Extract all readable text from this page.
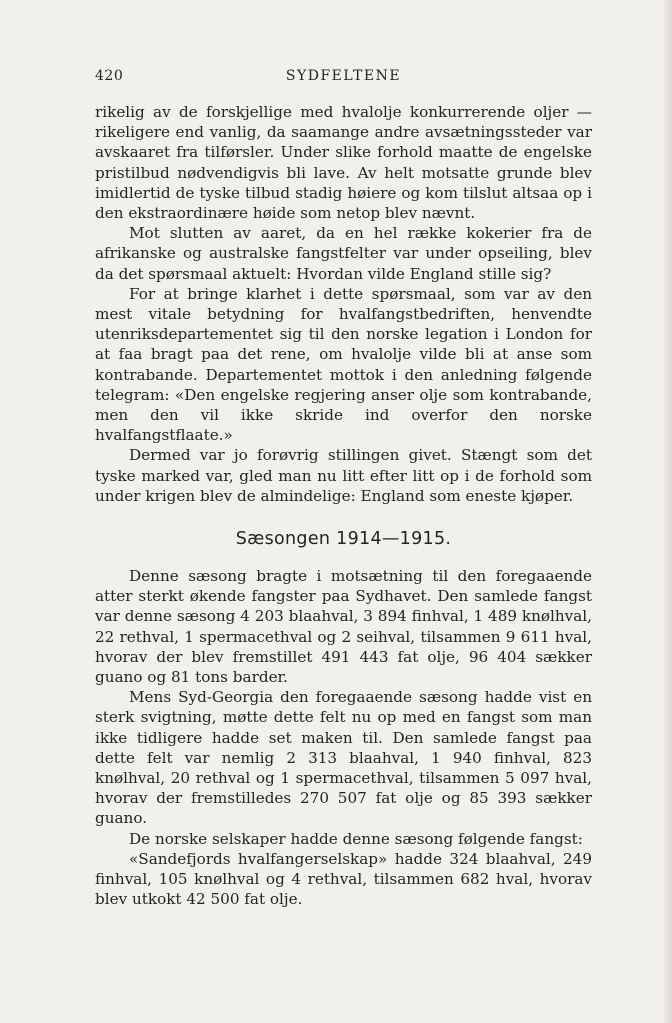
420	SYDFELTENE

rikelig av de forskjellige med hvalolje konkurrerende oljer — rikeligere end vanlig, da saamange andre avsætningssteder var avskaaret fra tilførsler. Under slike forhold maatte de engelske pristilbud nødvendigvis bli lave. Av helt motsatte grunde blev imidlertid de tyske tilbud stadig høiere og kom tilslut altsaa op i den ekstraordinære høide som netop blev nævnt.

Mot slutten av aaret, da en hel række kokerier fra de afrikanske og australske fangstfelter var under opseiling, blev da det spørsmaal aktuelt: Hvordan vilde England stille sig?

For at bringe klarhet i dette spørsmaal, som var av den mest vitale betydning for hvalfangstbedriften, henvendte utenriksdepartementet sig til den norske legation i London for at faa bragt paa det rene, om hvalolje vilde bli at anse som kontrabande. Departementet mottok i den anledning følgende telegram: «Den engelske regjering anser olje som kontrabande, men den vil ikke skride ind overfor den norske hvalfangstflaate.»

Dermed var jo forøvrig stillingen givet. Stængt som det tyske marked var, gled man nu litt efter litt op i de forhold som under krigen blev de almindelige: England som eneste kjøper.

Sæsongen 1914—1915.

Denne sæsong bragte i motsætning til den foregaaende atter sterkt økende fangster paa Sydhavet. Den samlede fangst var denne sæsong 4 203 blaahval, 3 894 finhval, 1 489 knølhval, 22 rethval, 1 spermacethval og 2 seihval, tilsammen 9 611 hval, hvorav der blev fremstillet 491 443 fat olje, 96 404 sækker guano og 81 tons barder.

Mens Syd-Georgia den foregaaende sæsong hadde vist en sterk svigtning, møtte dette felt nu op med en fangst som man ikke tidligere hadde set maken til. Den samlede fangst paa dette felt var nemlig 2 313 blaahval, 1 940 finhval, 823 knølhval, 20 rethval og 1 spermacethval, tilsammen 5 097 hval, hvorav der fremstilledes 270 507 fat olje og 85 393 sækker guano.

De norske selskaper hadde denne sæsong følgende fangst:

«Sandefjords hvalfangerselskap» hadde 324 blaahval, 249 finhval, 105 knølhval og 4 rethval, tilsammen 682 hval, hvorav blev utkokt 42 500 fat olje.
